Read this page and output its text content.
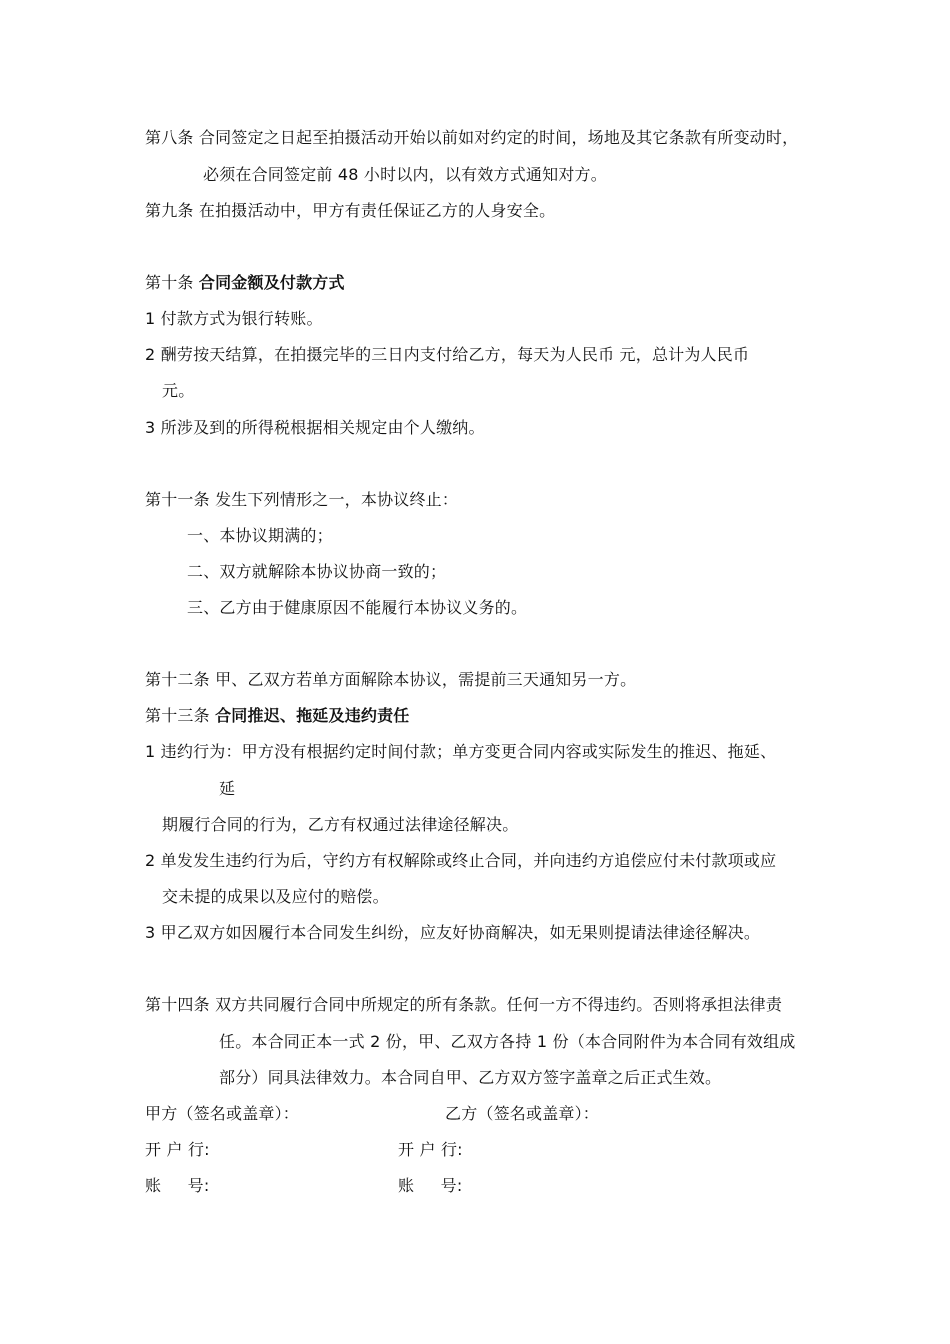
第八条 合同签定之日起至拍摄活动开始以前如对约定的时间，场地及其它条款有所变动时，
必须在合同签定前 48 小时以内，以有效方式通知对方。
第九条 在拍摄活动中，甲方有责任保证乙方的人身安全。
第十条 合同金额及付款方式
1 付款方式为银行转账。
2 酬劳按天结算，在拍摄完毕的三日内支付给乙方，每天为人民币 元，总计为人民币
元。
3 所涉及到的所得税根据相关规定由个人缴纳。
第十一条 发生下列情形之一，本协议终止：
一、本协议期满的；
二、双方就解除本协议协商一致的；
三、乙方由于健康原因不能履行本协议义务的。
第十二条 甲、乙双方若单方面解除本协议，需提前三天通知另一方。
第十三条 合同推迟、拖延及违约责任
1 违约行为：甲方没有根据约定时间付款；单方变更合同内容或实际发生的推迟、拖延、
延
期履行合同的行为，乙方有权通过法律途径解决。
2 单发发生违约行为后，守约方有权解除或终止合同，并向违约方追偿应付未付款项或应
交未提的成果以及应付的赔偿。
3 甲乙双方如因履行本合同发生纠纷，应友好协商解决，如无果则提请法律途径解决。
第十四条 双方共同履行合同中所规定的所有条款。任何一方不得违约。否则将承担法律责
任。本合同正本一式 2 份，甲、乙双方各持 1 份（本合同附件为本合同有效组成
部分）同具法律效力。本合同自甲、乙方双方签字盖章之后正式生效。
甲方（签名或盖章）：	乙方（签名或盖章）：
开 户 行:	开 户 行:
账     号:	账     号:
